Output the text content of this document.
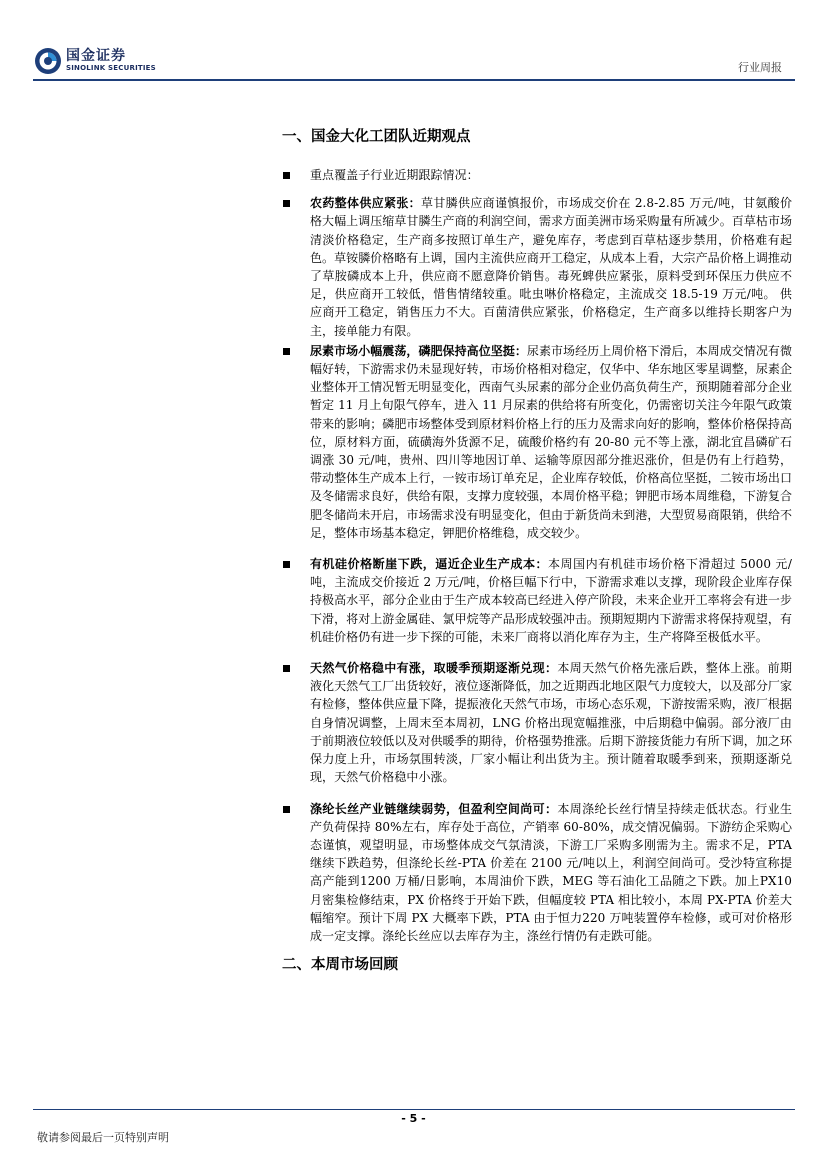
国金证券
SINOLINK SECURITIES	行业周报
一、国金大化工团队近期观点
重点覆盖子行业近期跟踪情况：
农药整体供应紧张：草甘膦供应商谨慎报价，市场成交价在 2.8-2.85 万元/吨，甘氨酸价格大幅上调压缩草甘膦生产商的利润空间，需求方面美洲市场采购量有所减少。百草枯市场清淡价格稳定，生产商多按照订单生产，避免库存，考虑到百草枯逐步禁用，价格难有起色。草铵膦价格略有上调，国内主流供应商开工稳定，从成本上看，大宗产品价格上调推动了草胺磷成本上升，供应商不愿意降价销售。毒死蜱供应紧张，原料受到环保压力供应不足，供应商开工较低，惜售情绪较重。吡虫啉价格稳定，主流成交 18.5-19 万元/吨。 供应商开工稳定，销售压力不大。百菌清供应紧张，价格稳定，生产商多以维持长期客户为主，接单能力有限。
尿素市场小幅震荡，磷肥保持高位坚挺：尿素市场经历上周价格下滑后，本周成交情况有微幅好转，下游需求仍未显现好转，市场价格相对稳定，仅华中、华东地区零星调整，尿素企业整体开工情况暂无明显变化，西南气头尿素的部分企业仍高负荷生产，预期随着部分企业暂定 11 月上旬限气停车，进入 11 月尿素的供给将有所变化，仍需密切关注今年限气政策带来的影响；磷肥市场整体受到原材料价格上行的压力及需求向好的影响，整体价格保持高位，原材料方面，硫磺海外货源不足，硫酸价格约有 20-80 元不等上涨，湖北宜昌磷矿石调涨 30 元/吨，贵州、四川等地因订单、运输等原因部分推迟涨价，但是仍有上行趋势，带动整体生产成本上行，一铵市场订单充足，企业库存较低，价格高位坚挺，二铵市场出口及冬储需求良好，供给有限，支撑力度较强，本周价格平稳；钾肥市场本周维稳，下游复合肥冬储尚未开启，市场需求没有明显变化，但由于新货尚未到港，大型贸易商限销，供给不足，整体市场基本稳定，钾肥价格维稳，成交较少。
有机硅价格断崖下跌，逼近企业生产成本：本周国内有机硅市场价格下滑超过 5000 元/吨，主流成交价接近 2 万元/吨，价格巨幅下行中，下游需求难以支撑，现阶段企业库存保持极高水平，部分企业由于生产成本较高已经进入停产阶段，未来企业开工率将会有进一步下滑，将对上游金属硅、氯甲烷等产品形成较强冲击。预期短期内下游需求将保持观望，有机硅价格仍有进一步下探的可能，未来厂商将以消化库存为主，生产将降至极低水平。
天然气价格稳中有涨，取暖季预期逐渐兑现：本周天然气价格先涨后跌，整体上涨。前期液化天然气工厂出货较好，液位逐渐降低，加之近期西北地区限气力度较大，以及部分厂家有检修，整体供应量下降，提振液化天然气市场，市场心态乐观，下游按需采购，液厂根据自身情况调整，上周末至本周初，LNG 价格出现宽幅推涨，中后期稳中偏弱。部分液厂由于前期液位较低以及对供暖季的期待，价格强势推涨。后期下游接货能力有所下调，加之环保力度上升，市场氛围转淡，厂家小幅让利出货为主。预计随着取暖季到来，预期逐渐兑现，天然气价格稳中小涨。
涤纶长丝产业链继续弱势，但盈利空间尚可：本周涤纶长丝行情呈持续走低状态。行业生产负荷保持 80%左右，库存处于高位，产销率 60-80%，成交情况偏弱。下游纺企采购心态谨慎，观望明显，市场整体成交气氛清淡，下游工厂采购多刚需为主。需求不足，PTA 继续下跌趋势，但涤纶长丝-PTA 价差在 2100 元/吨以上，利润空间尚可。受沙特宣称提高产能到1200 万桶/日影响，本周油价下跌，MEG 等石油化工品随之下跌。加上PX10 月密集检修结束，PX 价格终于开始下跌，但幅度较 PTA 相比较小，本周 PX-PTA 价差大幅缩窄。预计下周 PX 大概率下跌，PTA 由于恒力220 万吨装置停车检修，或可对价格形成一定支撑。涤纶长丝应以去库存为主，涤丝行情仍有走跌可能。
二、本周市场回顾
- 5 -
敬请参阅最后一页特别声明
